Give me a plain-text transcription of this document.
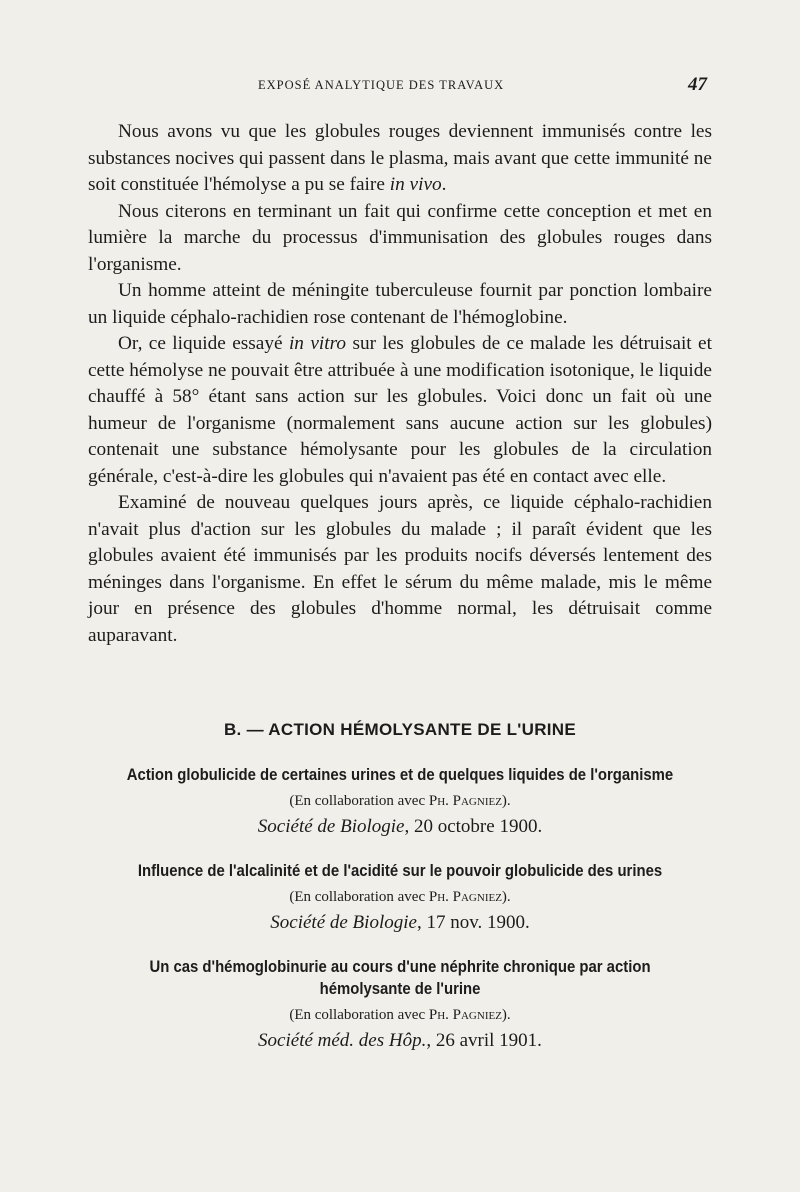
EXPOSÉ ANALYTIQUE DES TRAVAUX	47

Nous avons vu que les globules rouges deviennent immunisés contre les substances nocives qui passent dans le plasma, mais avant que cette immunité ne soit constituée l'hémolyse a pu se faire in vivo.

Nous citerons en terminant un fait qui confirme cette conception et met en lumière la marche du processus d'immunisation des globules rouges dans l'organisme.

Un homme atteint de méningite tuberculeuse fournit par ponction lombaire un liquide céphalo-rachidien rose contenant de l'hémoglobine.

Or, ce liquide essayé in vitro sur les globules de ce malade les détruisait et cette hémolyse ne pouvait être attribuée à une modification isotonique, le liquide chauffé à 58° étant sans action sur les globules. Voici donc un fait où une humeur de l'organisme (normalement sans aucune action sur les globules) contenait une substance hémolysante pour les globules de la circulation générale, c'est-à-dire les globules qui n'avaient pas été en contact avec elle.

Examiné de nouveau quelques jours après, ce liquide céphalo-rachidien n'avait plus d'action sur les globules du malade ; il paraît évident que les globules avaient été immunisés par les produits nocifs déversés lentement des méninges dans l'organisme. En effet le sérum du même malade, mis le même jour en présence des globules d'homme normal, les détruisait comme auparavant.

B. — ACTION HÉMOLYSANTE DE L'URINE
Action globulicide de certaines urines et de quelques liquides de l'organisme
(En collaboration avec Ph. Pagniez).
Société de Biologie, 20 octobre 1900.
Influence de l'alcalinité et de l'acidité sur le pouvoir globulicide des urines
(En collaboration avec Ph. Pagniez).
Société de Biologie, 17 nov. 1900.
Un cas d'hémoglobinurie au cours d'une néphrite chronique par action hémolysante de l'urine
(En collaboration avec Ph. Pagniez).
Société méd. des Hôp., 26 avril 1901.
